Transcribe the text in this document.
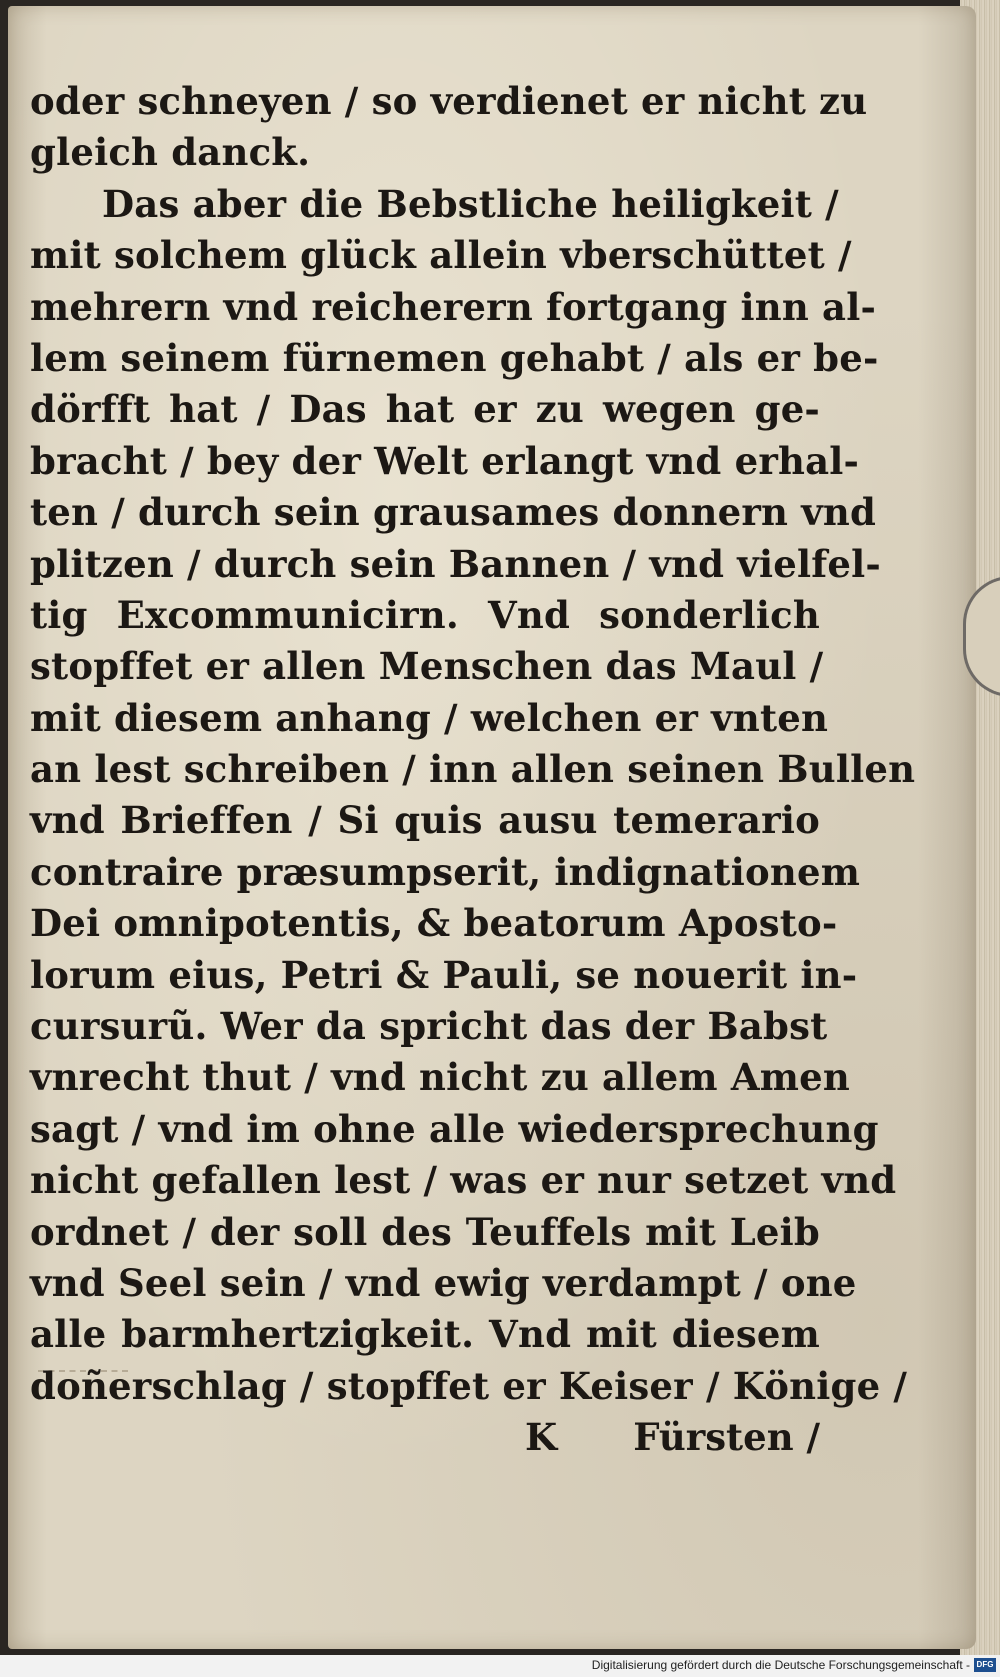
oder schneyen / so verdienet er nicht zu
gleich danck.
Das aber die Bebstliche heiligkeit /
mit solchem glück allein vberschüttet /
mehrern vnd reicherern fortgang inn al-
lem seinem fürnemen gehabt / als er be-
dörfft hat / Das hat er zu wegen ge-
bracht / bey der Welt erlangt vnd erhal-
ten / durch sein grausames donnern vnd
plitzen / durch sein Bannen / vnd vielfel-
tig Excommunicirn. Vnd sonderlich
stopffet er allen Menschen das Maul /
mit diesem anhang / welchen er vnten
an lest schreiben / inn allen seinen Bullen
vnd Brieffen / Si quis ausu temerario
contraire præsumpserit, indignationem
Dei omnipotentis, & beatorum Aposto-
lorum eius, Petri & Pauli, se nouerit in-
cursurũ. Wer da spricht das der Babst
vnrecht thut / vnd nicht zu allem Amen
sagt / vnd im ohne alle wiedersprechung
nicht gefallen lest / was er nur setzet vnd
ordnet / der soll des Teuffels mit Leib
vnd Seel sein / vnd ewig verdampt / one
alle barmhertzigkeit. Vnd mit diesem
doñerschlag / stopffet er Keiser / Könige /
K Fürsten /
Digitalisierung gefördert durch die Deutsche Forschungsgemeinschaft - DFG
